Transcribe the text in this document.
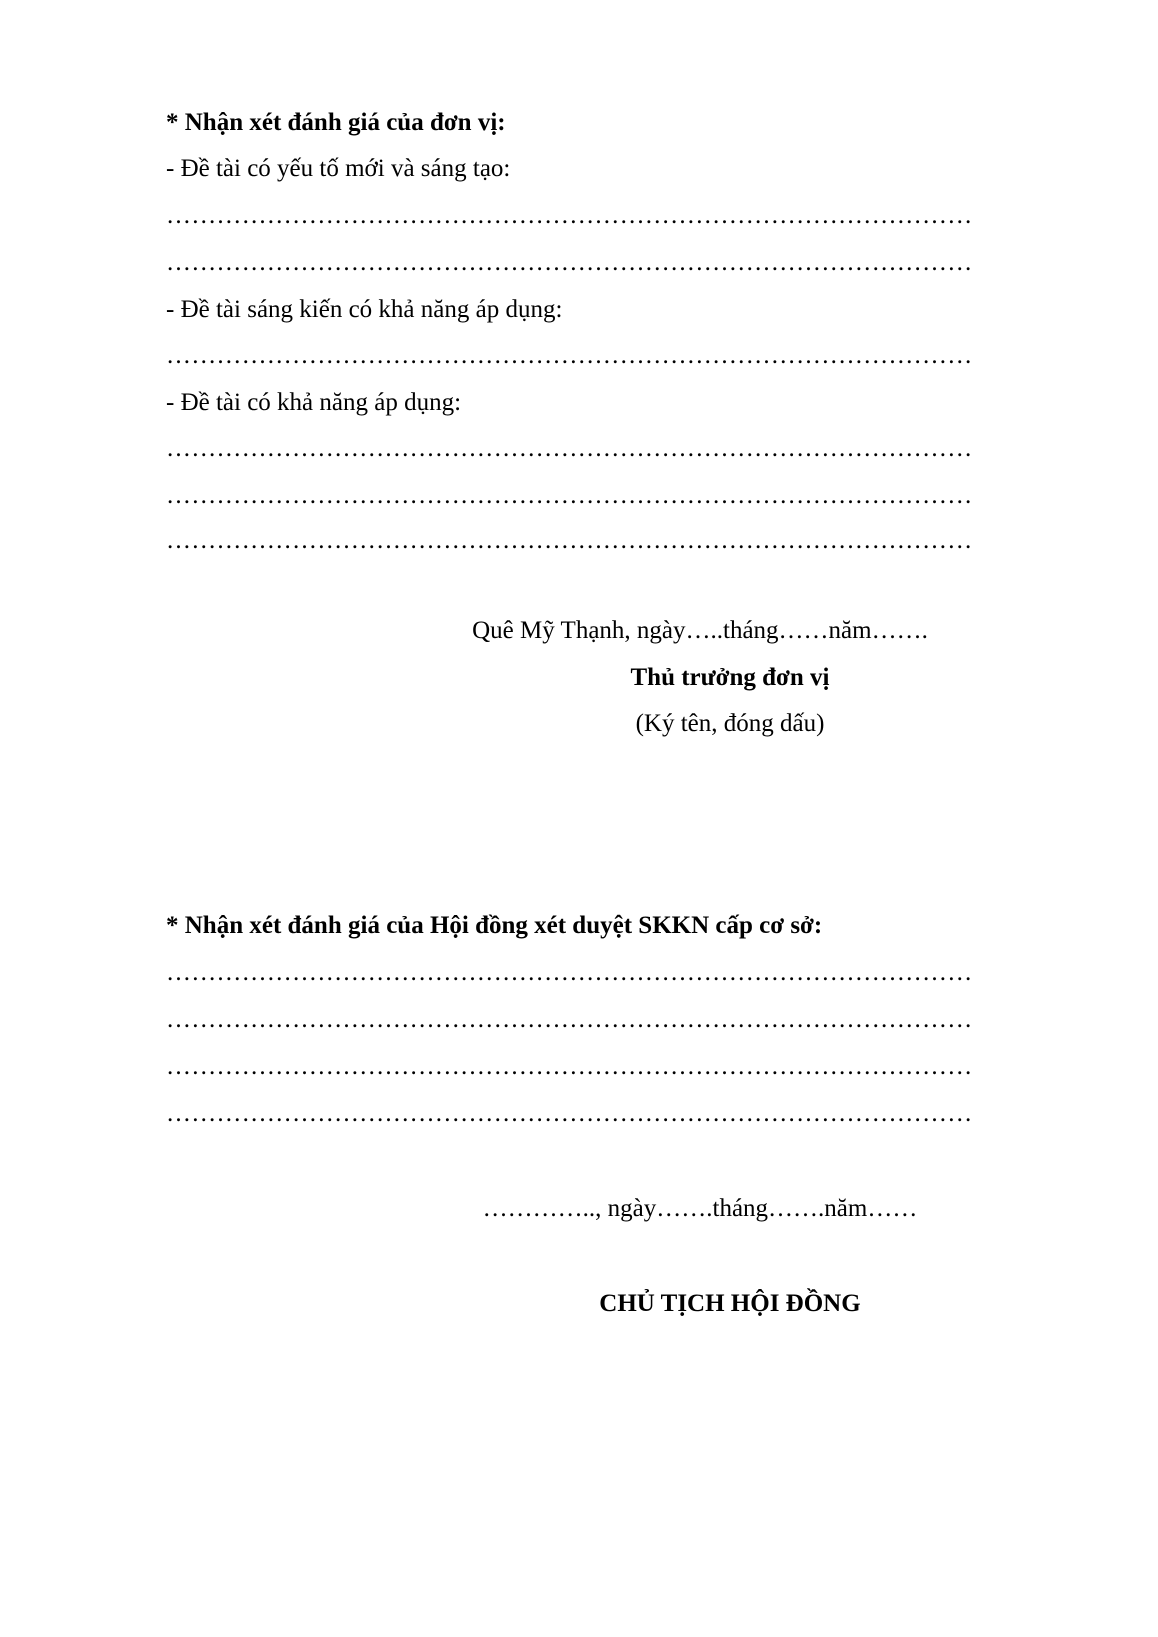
* Nhận xét đánh giá của đơn vị:
- Đề tài có yếu tố mới và sáng tạo:
……………………………………………………………………………………
……………………………………………………………………………………
- Đề tài sáng kiến có khả năng áp dụng:
……………………………………………………………………………………
- Đề tài có khả năng áp dụng:
……………………………………………………………………………………
……………………………………………………………………………………
……………………………………………………………………………………
Quê Mỹ Thạnh, ngày…..tháng……năm…….
Thủ trưởng đơn vị
(Ký tên, đóng dấu)
* Nhận xét đánh giá của Hội đồng xét duyệt SKKN cấp cơ sở:
……………………………………………………………………………………
……………………………………………………………………………………
……………………………………………………………………………………
……………………………………………………………………………………
………….., ngày…….tháng…….năm……
CHỦ TỊCH HỘI ĐỒNG
